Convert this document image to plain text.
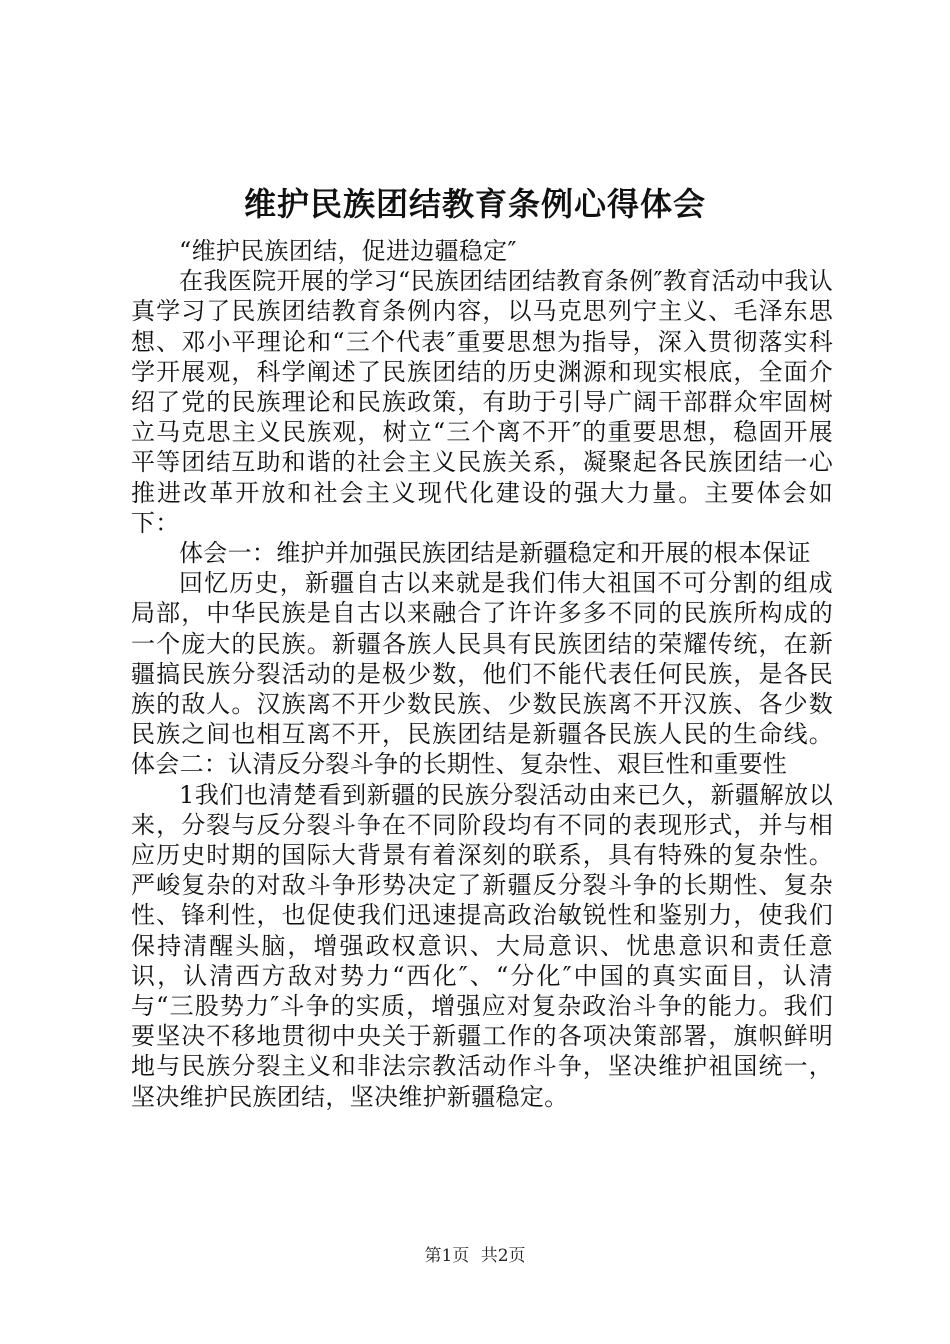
维护民族团结教育条例心得体会

“维护民族团结，促进边疆稳定″

在我医院开展的学习“民族团结团结教育条例″教育活动中我认真学习了民族团结教育条例内容，以马克思列宁主义、毛泽东思想、邓小平理论和“三个代表″重要思想为指导，深入贯彻落实科学开展观，科学阐述了民族团结的历史渊源和现实根底，全面介绍了党的民族理论和民族政策，有助于引导广阔干部群众牢固树立马克思主义民族观，树立“三个离不开″的重要思想，稳固开展平等团结互助和谐的社会主义民族关系，凝聚起各民族团结一心推进改革开放和社会主义现代化建设的强大力量。主要体会如下：

体会一：维护并加强民族团结是新疆稳定和开展的根本保证

回忆历史，新疆自古以来就是我们伟大祖国不可分割的组成局部，中华民族是自古以来融合了许许多多不同的民族所构成的一个庞大的民族。新疆各族人民具有民族团结的荣耀传统，在新疆搞民族分裂活动的是极少数，他们不能代表任何民族，是各民族的敌人。汉族离不开少数民族、少数民族离不开汉族、各少数民族之间也相互离不开，民族团结是新疆各民族人民的生命线。体会二：认清反分裂斗争的长期性、复杂性、艰巨性和重要性

1我们也清楚看到新疆的民族分裂活动由来已久，新疆解放以来，分裂与反分裂斗争在不同阶段均有不同的表现形式，并与相应历史时期的国际大背景有着深刻的联系，具有特殊的复杂性。严峻复杂的对敌斗争形势决定了新疆反分裂斗争的长期性、复杂性、锋利性，也促使我们迅速提高政治敏锐性和鉴别力，使我们保持清醒头脑，增强政权意识、大局意识、忧患意识和责任意识，认清西方敌对势力“西化″、“分化″中国的真实面目，认清与“三股势力″斗争的实质，增强应对复杂政治斗争的能力。我们要坚决不移地贯彻中央关于新疆工作的各项决策部署，旗帜鲜明地与民族分裂主义和非法宗教活动作斗争，坚决维护祖国统一，坚决维护民族团结，坚决维护新疆稳定。

第1页 共2页
